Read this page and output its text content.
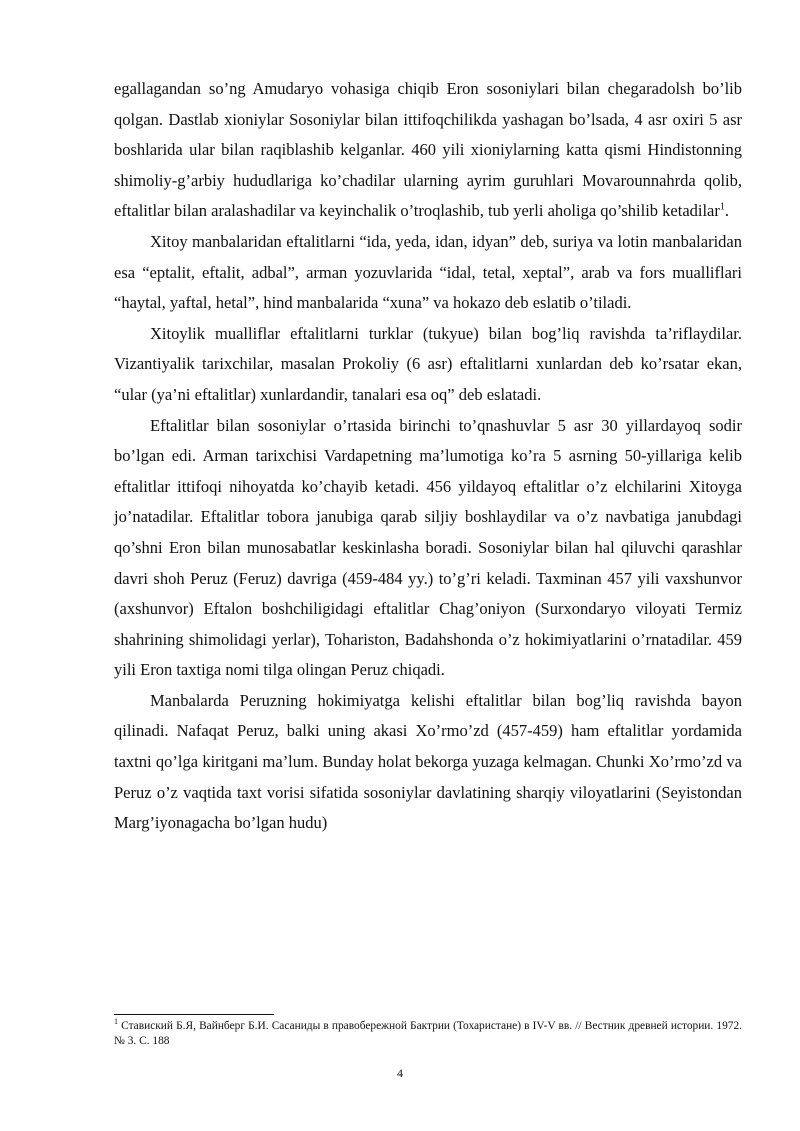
egallagandan so’ng Amudaryo vohasiga chiqib Eron sosoniylari bilan chegaradolsh bo’lib qolgan. Dastlab xioniylar Sosoniylar bilan ittifoqchilikda yashagan bo’lsada, 4 asr oxiri 5 asr boshlarida ular bilan raqiblashib kelganlar. 460 yili xioniylarning katta qismi Hindistonning shimoliy-g’arbiy hududlariga ko’chadilar ularning ayrim guruhlari Movarounnahrda qolib, eftalitlar bilan aralashadilar va keyinchalik o’troqlashib, tub yerli aholiga qo’shilib ketadilar$^1$.

Xitoy manbalaridan eftalitlarni “ida, yeda, idan, idyan” deb, suriya va lotin manbalaridan esa “eptalit, eftalit, adbal”, arman yozuvlarida “idal, tetal, xeptal”, arab va fors mualliflari “haytal, yaftal, hetal”, hind manbalarida “xuna” va hokazo deb eslatib o’tiladi.

Xitoylik mualliflar eftalitlarni turklar (tukyue) bilan bog’liq ravishda ta’riflaydilar. Vizantiyalik tarixchilar, masalan Prokoliy (6 asr) eftalitlarni xunlardan deb ko’rsatar ekan, “ular (ya’ni eftalitlar) xunlardandir, tanalari esa oq” deb eslatadi.

Eftalitlar bilan sosoniylar o’rtasida birinchi to’qnashuvlar 5 asr 30 yillardayoq sodir bo’lgan edi. Arman tarixchisi Vardapetning ma’lumotiga ko’ra 5 asrning 50-yillariga kelib eftalitlar ittifoqi nihoyatda ko’chayib ketadi. 456 yildayoq eftalitlar o’z elchilarini Xitoyga jo’natadilar. Eftalitlar tobora janubiga qarab siljiy boshlaydilar va o’z navbatiga janubdagi qo’shni Eron bilan munosabatlar keskinlasha boradi. Sosoniylar bilan hal qiluvchi qarashlar davri shoh Peruz (Feruz) davriga (459-484 yy.) to’g’ri keladi. Taxminan 457 yili vaxshunvor (axshunvor) Eftalon boshchiligidagi eftalitlar Chag’oniyon (Surxondaryo viloyati Termiz shahrining shimolidagi yerlar), Tohariston, Badahshonda o’z hokimiyatlarini o’rnatadilar. 459 yili Eron taxtiga nomi tilga olingan Peruz chiqadi.

Manbalarda Peruzning hokimiyatga kelishi eftalitlar bilan bog’liq ravishda bayon qilinadi. Nafaqat Peruz, balki uning akasi Xo’rmo’zd (457-459) ham eftalitlar yordamida taxtni qo’lga kiritgani ma’lum. Bunday holat bekorga yuzaga kelmagan. Chunki Xo’rmo’zd va Peruz o’z vaqtida taxt vorisi sifatida sosoniylar davlatining sharqiy viloyatlarini (Seyistondan Marg’iyonagacha bo’lgan hudu)

$^1$ Ставиский Б.Я, Вайнберг Б.И. Сасаниды в правобережной Бактрии (Тохаристане) в IV-V вв. // Вестник древней истории. 1972. № 3. С. 188

4
